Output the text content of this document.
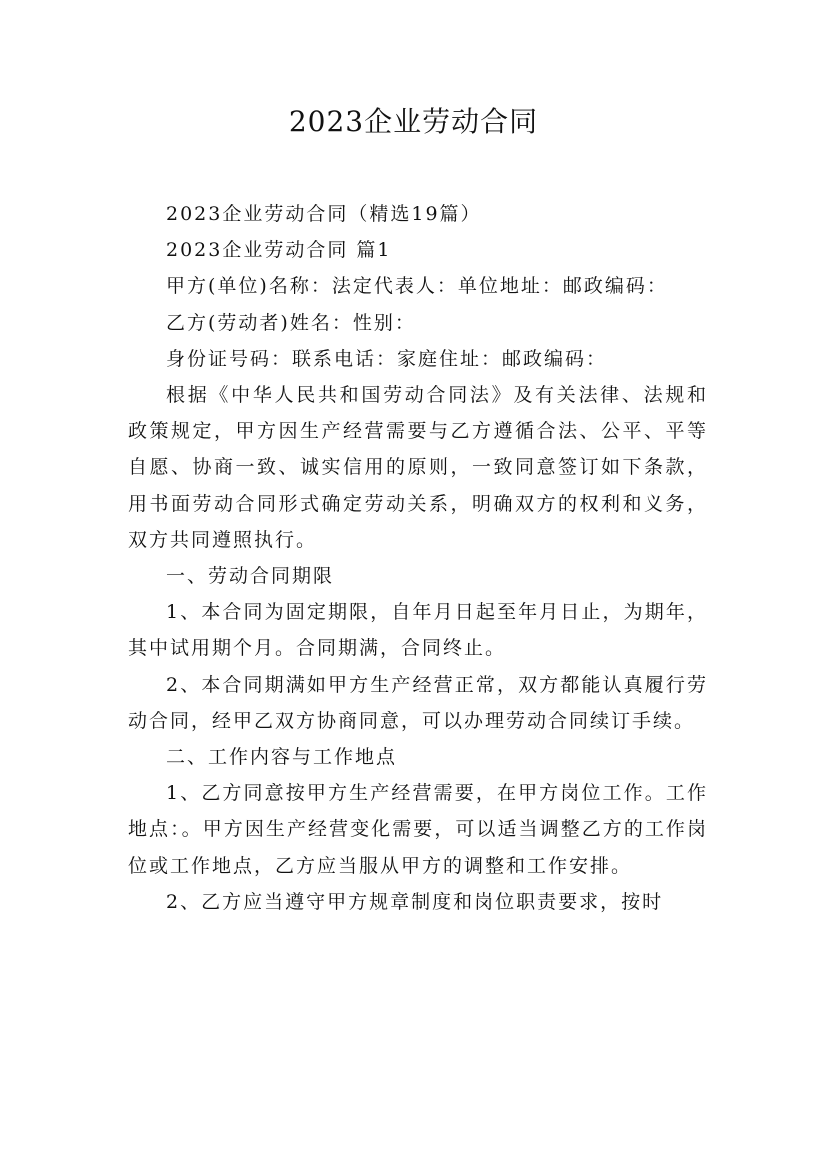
2023企业劳动合同

2023企业劳动合同（精选19篇）

2023企业劳动合同 篇1

甲方(单位)名称：法定代表人：单位地址：邮政编码：

乙方(劳动者)姓名：性别：

身份证号码：联系电话：家庭住址：邮政编码：

根据《中华人民共和国劳动合同法》及有关法律、法规和政策规定，甲方因生产经营需要与乙方遵循合法、公平、平等自愿、协商一致、诚实信用的原则，一致同意签订如下条款，用书面劳动合同形式确定劳动关系，明确双方的权利和义务，双方共同遵照执行。

一、劳动合同期限

1、本合同为固定期限，自年月日起至年月日止，为期年，其中试用期个月。合同期满，合同终止。

2、本合同期满如甲方生产经营正常，双方都能认真履行劳动合同，经甲乙双方协商同意，可以办理劳动合同续订手续。

二、工作内容与工作地点

1、乙方同意按甲方生产经营需要，在甲方岗位工作。工作地点：。甲方因生产经营变化需要，可以适当调整乙方的工作岗位或工作地点，乙方应当服从甲方的调整和工作安排。

2、乙方应当遵守甲方规章制度和岗位职责要求，按时
